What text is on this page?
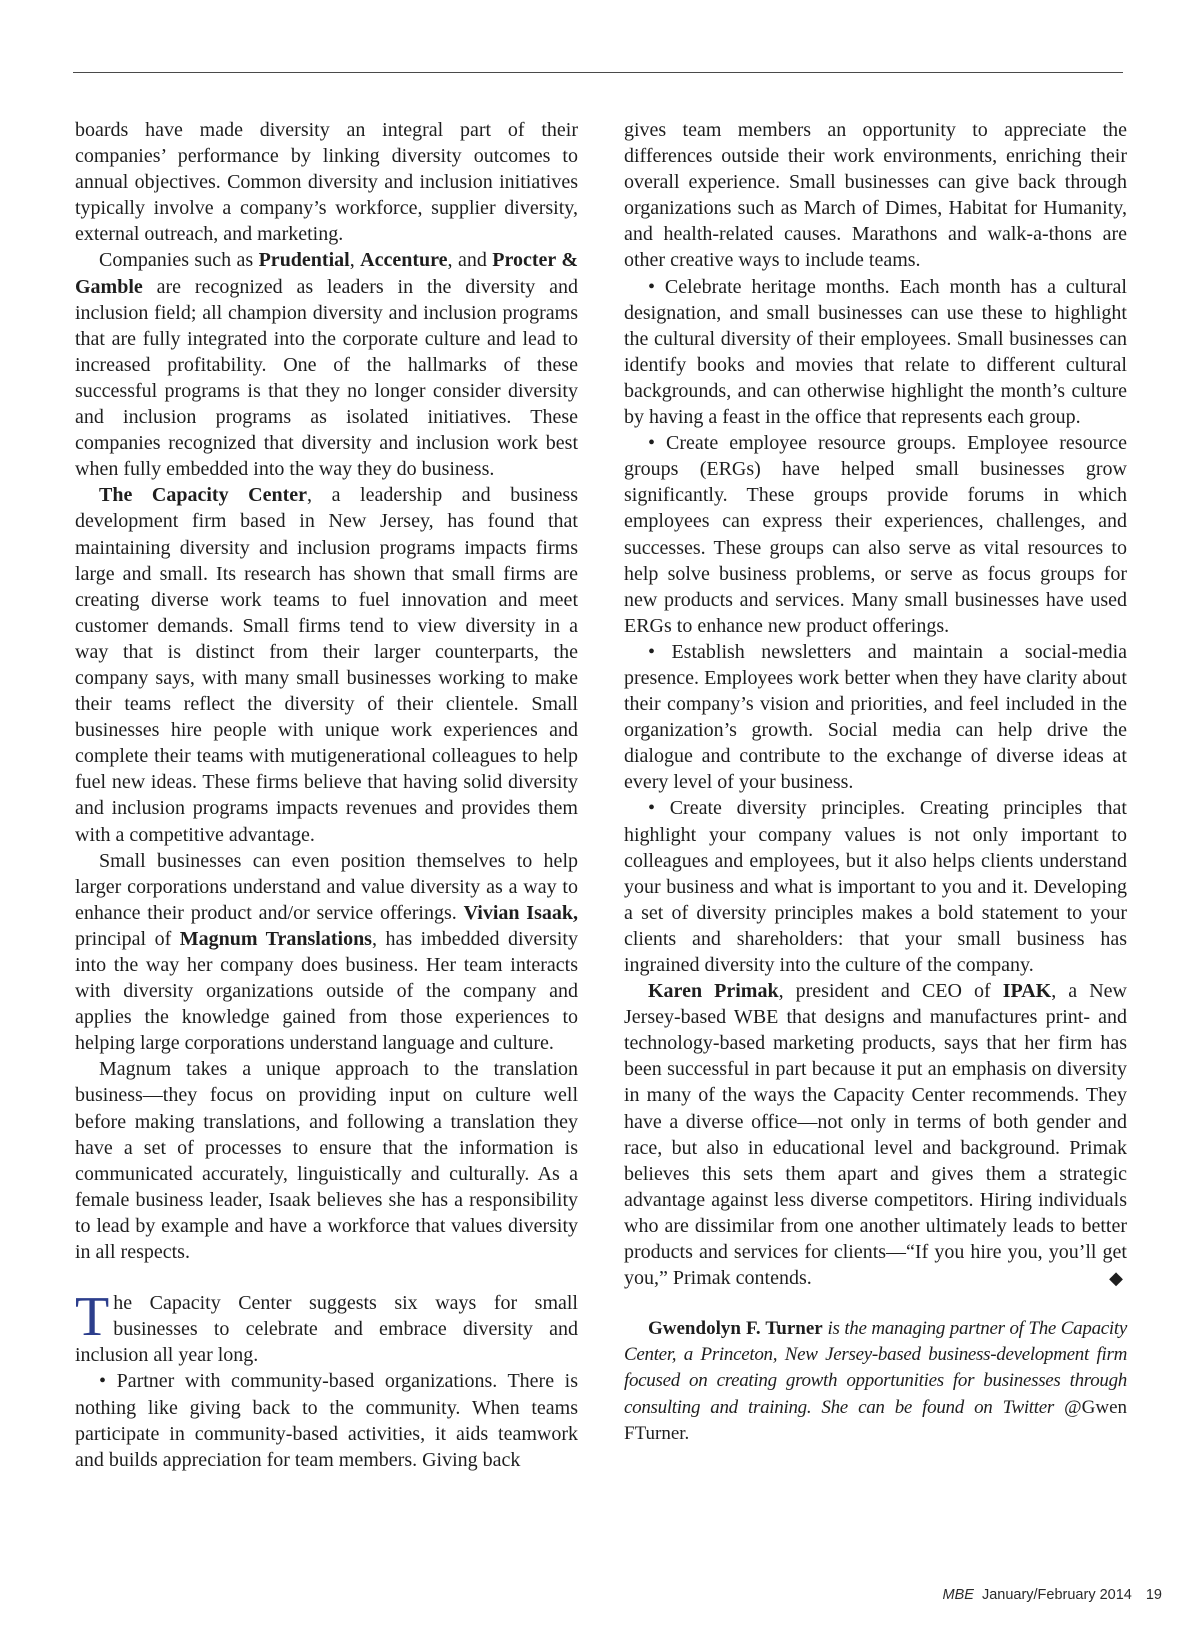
boards have made diversity an integral part of their companies’ performance by linking diversity outcomes to annual objectives. Common diversity and inclusion initiatives typically involve a company’s workforce, supplier diversity, external outreach, and marketing.

Companies such as Prudential, Accenture, and Procter & Gamble are recognized as leaders in the diversity and inclusion field; all champion diversity and inclusion programs that are fully integrated into the corporate culture and lead to increased profitability. One of the hallmarks of these successful programs is that they no longer consider diversity and inclusion programs as isolated initiatives. These companies recognized that diversity and inclusion work best when fully embedded into the way they do business.

The Capacity Center, a leadership and business development firm based in New Jersey, has found that maintaining diversity and inclusion programs impacts firms large and small. Its research has shown that small firms are creating diverse work teams to fuel innovation and meet customer demands. Small firms tend to view diversity in a way that is distinct from their larger counterparts, the company says, with many small businesses working to make their teams reflect the diversity of their clientele. Small businesses hire people with unique work experiences and complete their teams with mutigenerational colleagues to help fuel new ideas. These firms believe that having solid diversity and inclusion programs impacts revenues and provides them with a competitive advantage.

Small businesses can even position themselves to help larger corporations understand and value diversity as a way to enhance their product and/or service offerings. Vivian Isaak, principal of Magnum Translations, has imbedded diversity into the way her company does business. Her team interacts with diversity organizations outside of the company and applies the knowledge gained from those experiences to helping large corporations understand language and culture.

Magnum takes a unique approach to the translation business—they focus on providing input on culture well before making translations, and following a translation they have a set of processes to ensure that the information is communicated accurately, linguistically and culturally. As a female business leader, Isaak believes she has a responsibility to lead by example and have a workforce that values diversity in all respects.

The Capacity Center suggests six ways for small businesses to celebrate and embrace diversity and inclusion all year long.

• Partner with community-based organizations. There is nothing like giving back to the community. When teams participate in community-based activities, it aids teamwork and builds appreciation for team members. Giving back

gives team members an opportunity to appreciate the differences outside their work environments, enriching their overall experience. Small businesses can give back through organizations such as March of Dimes, Habitat for Humanity, and health-related causes. Marathons and walk-a-thons are other creative ways to include teams.

• Celebrate heritage months. Each month has a cultural designation, and small businesses can use these to highlight the cultural diversity of their employees. Small businesses can identify books and movies that relate to different cultural backgrounds, and can otherwise highlight the month’s culture by having a feast in the office that represents each group.

• Create employee resource groups. Employee resource groups (ERGs) have helped small businesses grow significantly. These groups provide forums in which employees can express their experiences, challenges, and successes. These groups can also serve as vital resources to help solve business problems, or serve as focus groups for new products and services. Many small businesses have used ERGs to enhance new product offerings.

• Establish newsletters and maintain a social-media presence. Employees work better when they have clarity about their company’s vision and priorities, and feel included in the organization’s growth. Social media can help drive the dialogue and contribute to the exchange of diverse ideas at every level of your business.

• Create diversity principles. Creating principles that highlight your company values is not only important to colleagues and employees, but it also helps clients understand your business and what is important to you and it. Developing a set of diversity principles makes a bold statement to your clients and shareholders: that your small business has ingrained diversity into the culture of the company.

Karen Primak, president and CEO of IPAK, a New Jersey-based WBE that designs and manufactures print- and technology-based marketing products, says that her firm has been successful in part because it put an emphasis on diversity in many of the ways the Capacity Center recommends. They have a diverse office—not only in terms of both gender and race, but also in educational level and background. Primak believes this sets them apart and gives them a strategic advantage against less diverse competitors. Hiring individuals who are dissimilar from one another ultimately leads to better products and services for clients—“If you hire you, you’ll get you,” Primak contends.	◆

Gwendolyn F. Turner is the managing partner of The Capacity Center, a Princeton, New Jersey-based business-development firm focused on creating growth opportunities for businesses through consulting and training. She can be found on Twitter @Gwen FTurner.

MBE January/February 2014 19
